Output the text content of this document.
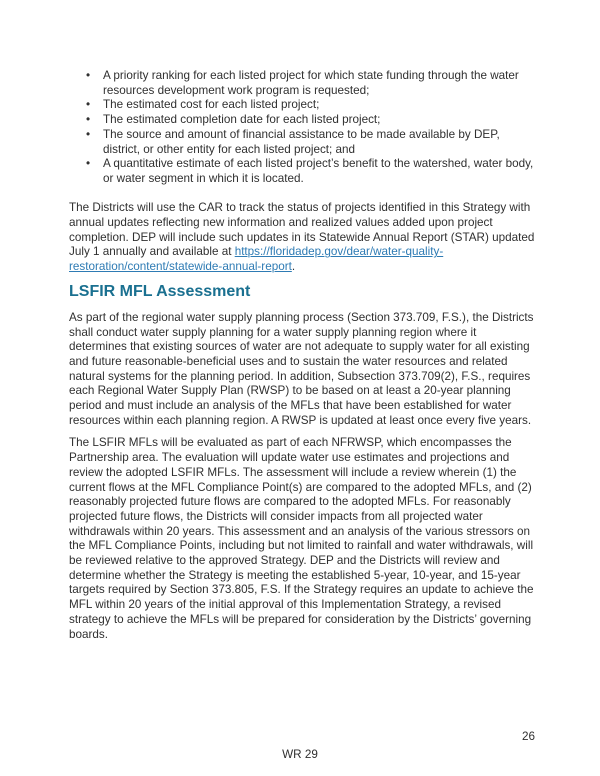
• A priority ranking for each listed project for which state funding through the water resources development work program is requested;
• The estimated cost for each listed project;
• The estimated completion date for each listed project;
• The source and amount of financial assistance to be made available by DEP, district, or other entity for each listed project; and
• A quantitative estimate of each listed project’s benefit to the watershed, water body, or water segment in which it is located.

The Districts will use the CAR to track the status of projects identified in this Strategy with annual updates reflecting new information and realized values added upon project completion. DEP will include such updates in its Statewide Annual Report (STAR) updated July 1 annually and available at https://floridadep.gov/dear/water-quality-restoration/content/statewide-annual-report.

LSFIR MFL Assessment

As part of the regional water supply planning process (Section 373.709, F.S.), the Districts shall conduct water supply planning for a water supply planning region where it determines that existing sources of water are not adequate to supply water for all existing and future reasonable-beneficial uses and to sustain the water resources and related natural systems for the planning period. In addition, Subsection 373.709(2), F.S., requires each Regional Water Supply Plan (RWSP) to be based on at least a 20-year planning period and must include an analysis of the MFLs that have been established for water resources within each planning region. A RWSP is updated at least once every five years.

The LSFIR MFLs will be evaluated as part of each NFRWSP, which encompasses the Partnership area. The evaluation will update water use estimates and projections and review the adopted LSFIR MFLs. The assessment will include a review wherein (1) the current flows at the MFL Compliance Point(s) are compared to the adopted MFLs, and (2) reasonably projected future flows are compared to the adopted MFLs. For reasonably projected future flows, the Districts will consider impacts from all projected water withdrawals within 20 years. This assessment and an analysis of the various stressors on the MFL Compliance Points, including but not limited to rainfall and water withdrawals, will be reviewed relative to the approved Strategy. DEP and the Districts will review and determine whether the Strategy is meeting the established 5-year, 10-year, and 15-year targets required by Section 373.805, F.S. If the Strategy requires an update to achieve the MFL within 20 years of the initial approval of this Implementation Strategy, a revised strategy to achieve the MFLs will be prepared for consideration by the Districts’ governing boards.

26
WR 29
